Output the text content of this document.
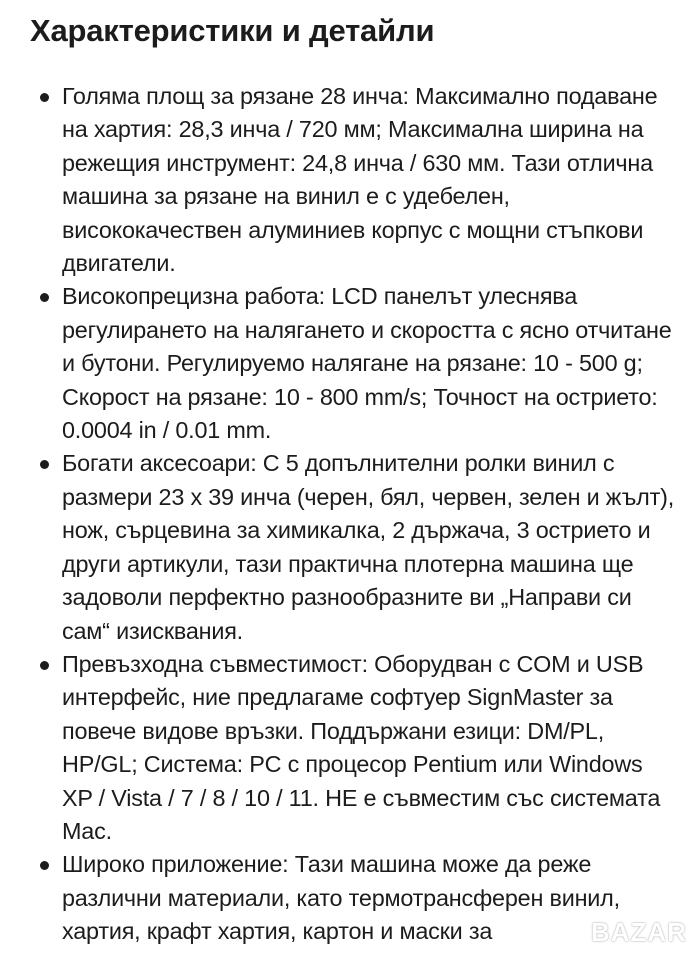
Характеристики и детайли
Голяма площ за рязане 28 инча: Максимално подаване на хартия: 28,3 инча / 720 мм; Максимална ширина на режещия инструмент: 24,8 инча / 630 мм. Тази отлична машина за рязане на винил е с удебелен, висококачествен алуминиев корпус с мощни стъпкови двигатели.
Високопрецизна работа: LCD панелът улеснява регулирането на налягането и скоростта с ясно отчитане и бутони. Регулируемо налягане на рязане: 10 - 500 g; Скорост на рязане: 10 - 800 mm/s; Точност на острието: 0.0004 in / 0.01 mm.
Богати аксесоари: С 5 допълнителни ролки винил с размери 23 x 39 инча (черен, бял, червен, зелен и жълт), нож, сърцевина за химикалка, 2 държача, 3 острието и други артикули, тази практична плотерна машина ще задоволи перфектно разнообразните ви „Направи си сам“ изисквания.
Превъзходна съвместимост: Оборудван с COM и USB интерфейс, ние предлагаме софтуер SignMaster за повече видове връзки. Поддържани езици: DM/PL, HP/GL; Система: PC с процесор Pentium или Windows XP / Vista / 7 / 8 / 10 / 11. НЕ е съвместим със системата Mac.
Широко приложение: Тази машина може да реже различни материали, като термотрансферен винил, хартия, крафт хартия, картон и маски за	BAZAR
